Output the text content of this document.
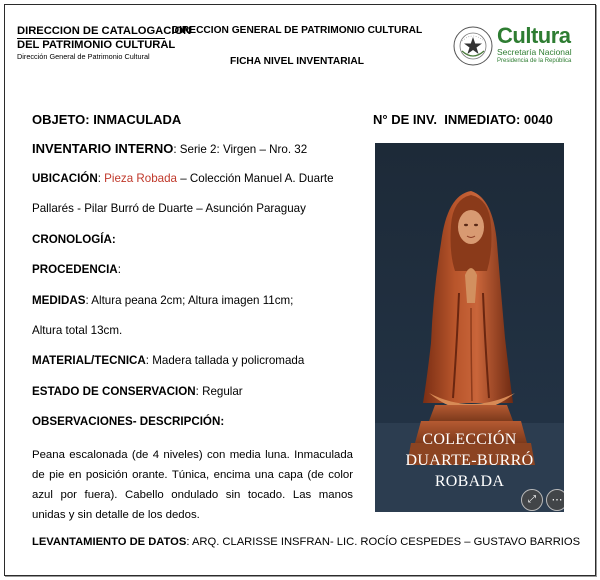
DIRECCION DE CATALOGACION
DEL PATRIMONIO CULTURAL
Dirección General de Patrimonio Cultural
DIRECCION GENERAL DE PATRIMONIO CULTURAL
FICHA NIVEL INVENTARIAL
Cultura
Secretaría Nacional
Presidencia de la República
OBJETO: INMACULADA	N° DE INV. INMEDIATO: 0040
INVENTARIO INTERNO: Serie 2: Virgen – Nro. 32
UBICACIÓN: Pieza Robada – Colección Manuel A. Duarte
Pallarés - Pilar Burró de Duarte – Asunción Paraguay
CRONOLOGÍA:
PROCEDENCIA:
MEDIDAS: Altura peana 2cm; Altura imagen 11cm;
Altura total 13cm.
MATERIAL/TECNICA: Madera tallada y policromada
ESTADO DE CONSERVACION: Regular
OBSERVACIONES- DESCRIPCIÓN:
Peana escalonada (de 4 niveles) con media luna. Inmaculada de pie en posición orante. Túnica, encima una capa (de color azul por fuera). Cabello ondulado sin tocado. Las manos unidas y sin detalle de los dedos.
LEVANTAMIENTO DE DATOS: ARQ. CLARISSE INSFRAN- LIC. ROCÍO CESPEDES – GUSTAVO BARRIOS
COLECCIÓN
DUARTE-BURRÓ
ROBADA
⤢	⋯
